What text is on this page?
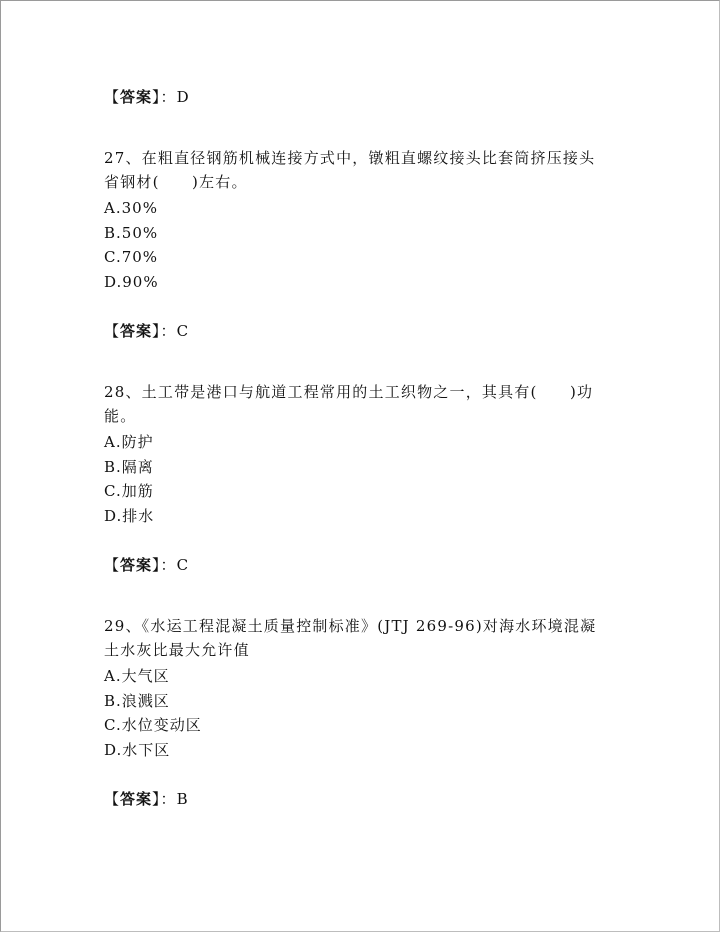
【答案】：D
27、在粗直径钢筋机械连接方式中，镦粗直螺纹接头比套筒挤压接头省钢材(　　)左右。
A.30%
B.50%
C.70%
D.90%
【答案】：C
28、土工带是港口与航道工程常用的土工织物之一，其具有(　　)功能。
A.防护
B.隔离
C.加筋
D.排水
【答案】：C
29、《水运工程混凝土质量控制标准》(JTJ 269-96)对海水环境混凝土水灰比最大允许值
A.大气区
B.浪溅区
C.水位变动区
D.水下区
【答案】：B
